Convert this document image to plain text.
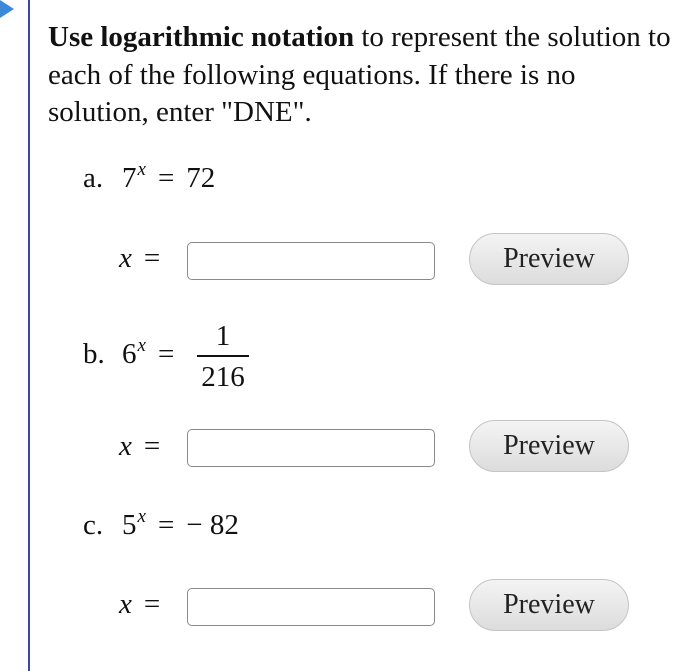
Use logarithmic notation to represent the solution to each of the following equations. If there is no solution, enter "DNE".
a. $7^x = 72$
x =	Preview
b. $6^x$ =
1
216
x =	Preview
c. $5^x$ = − 82
x =	Preview
